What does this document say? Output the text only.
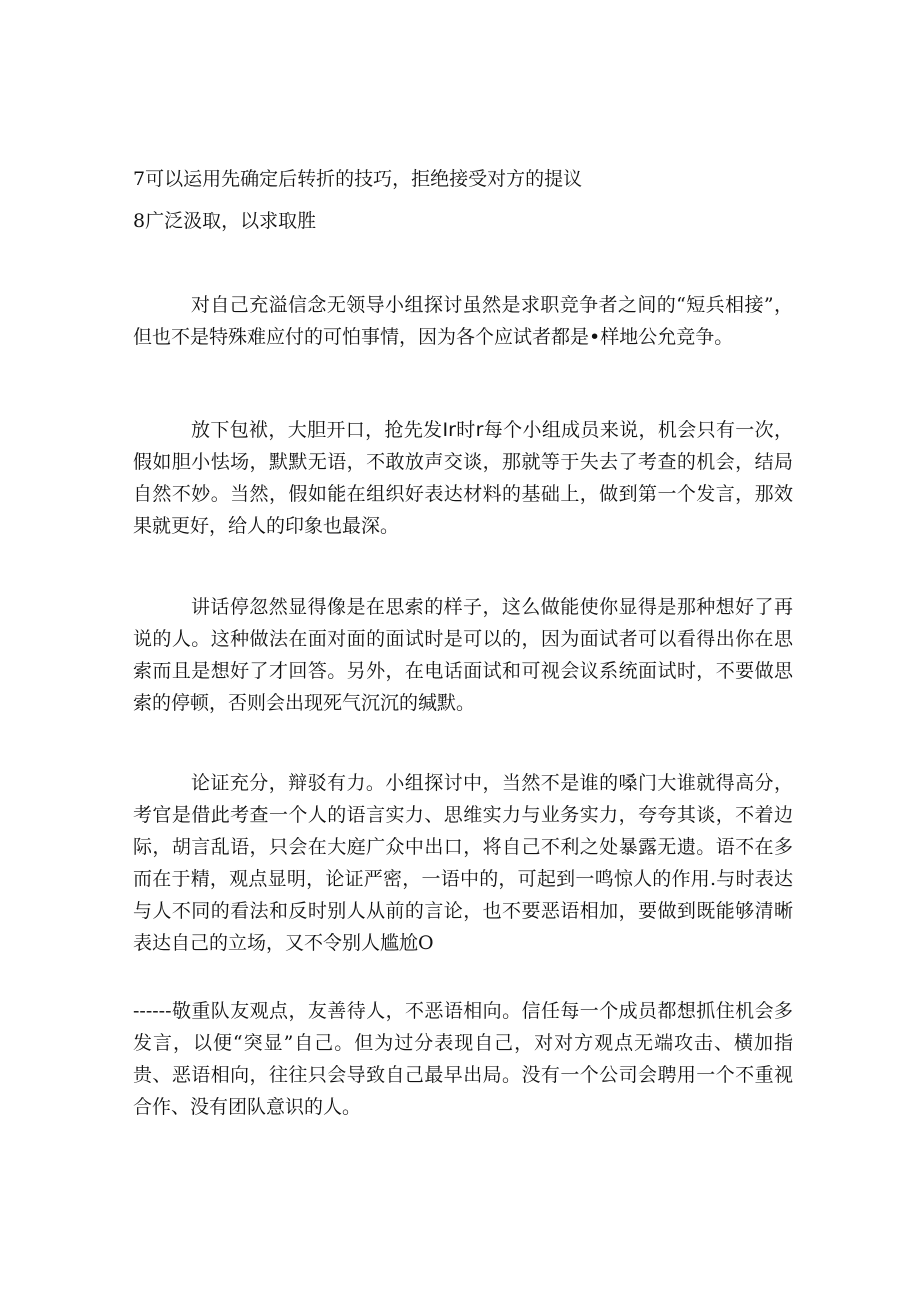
7可以运用先确定后转折的技巧，拒绝接受对方的提议

8广泛汲取，以求取胜

对自己充溢信念无领导小组探讨虽然是求职竞争者之间的“短兵相接”，但也不是特殊难应付的可怕事情，因为各个应试者都是•样地公允竞争。

放下包袱，大胆开口，抢先发Ir时r每个小组成员来说，机会只有一次，假如胆小怯场，默默无语，不敢放声交谈，那就等于失去了考查的机会，结局自然不妙。当然，假如能在组织好表达材料的基础上，做到第一个发言，那效果就更好，给人的印象也最深。

讲话停忽然显得像是在思索的样子，这么做能使你显得是那种想好了再说的人。这种做法在面对面的面试时是可以的，因为面试者可以看得出你在思索而且是想好了才回答。另外，在电话面试和可视会议系统面试时，不要做思索的停顿，否则会出现死气沉沉的缄默。

论证充分，辩驳有力。小组探讨中，当然不是谁的嗓门大谁就得高分，考官是借此考查一个人的语言实力、思维实力与业务实力，夸夸其谈，不着边际，胡言乱语，只会在大庭广众中出口，将自己不利之处暴露无遗。语不在多而在于精，观点显明，论证严密，一语中的，可起到一鸣惊人的作用.与时表达与人不同的看法和反时别人从前的言论，也不要恶语相加，要做到既能够清晰表达自己的立场，又不令别人尴尬O

------敬重队友观点，友善待人，不恶语相向。信任每一个成员都想抓住机会多发言，以便“突显”自己。但为过分表现自己，对对方观点无端攻击、横加指贵、恶语相向，往往只会导致自己最早出局。没有一个公司会聘用一个不重视合作、没有团队意识的人。
